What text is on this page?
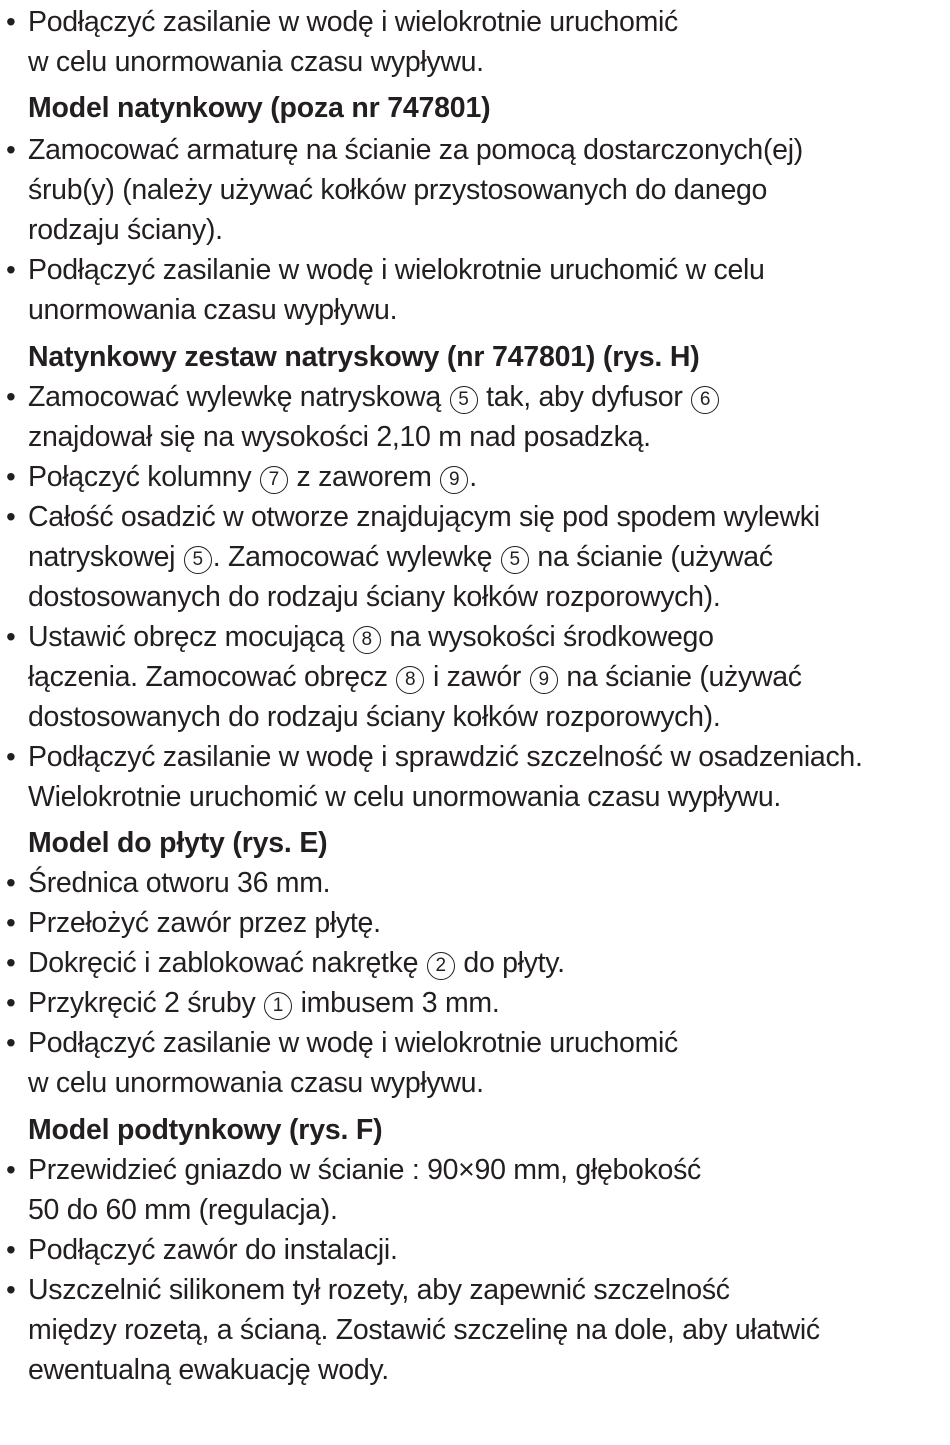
• Podłączyć zasilanie w wodę i wielokrotnie uruchomić
w celu unormowania czasu wypływu.
Model natynkowy (poza nr 747801)
• Zamocować armaturę na ścianie za pomocą dostarczonych(ej)
śrub(y) (należy używać kołków przystosowanych do danego
rodzaju ściany).
• Podłączyć zasilanie w wodę i wielokrotnie uruchomić w celu
unormowania czasu wypływu.
Natynkowy zestaw natryskowy (nr 747801) (rys. H)
• Zamocować wylewkę natryskową 5 tak, aby dyfusor 6
znajdował się na wysokości 2,10 m nad posadzką.
• Połączyć kolumny 7 z zaworem 9 .
• Całość osadzić w otworze znajdującym się pod spodem wylewki
natryskowej 5 . Zamocować wylewkę 5 na ścianie (używać
dostosowanych do rodzaju ściany kołków rozporowych).
• Ustawić obręcz mocującą 8 na wysokości środkowego
łączenia. Zamocować obręcz 8 i zawór 9 na ścianie (używać
dostosowanych do rodzaju ściany kołków rozporowych).
• Podłączyć zasilanie w wodę i sprawdzić szczelność w osadzeniach.
Wielokrotnie uruchomić w celu unormowania czasu wypływu.
Model do płyty (rys. E)
• Średnica otworu 36 mm.
• Przełożyć zawór przez płytę.
• Dokręcić i zablokować nakrętkę 2 do płyty.
• Przykręcić 2 śruby 1 imbusem 3 mm.
• Podłączyć zasilanie w wodę i wielokrotnie uruchomić
w celu unormowania czasu wypływu.
Model podtynkowy (rys. F)
• Przewidzieć gniazdo w ścianie : 90×90 mm, głębokość
50 do 60 mm (regulacja).
• Podłączyć zawór do instalacji.
• Uszczelnić silikonem tył rozety, aby zapewnić szczelność
między rozetą, a ścianą. Zostawić szczelinę na dole, aby ułatwić
ewentualną ewakuację wody.
